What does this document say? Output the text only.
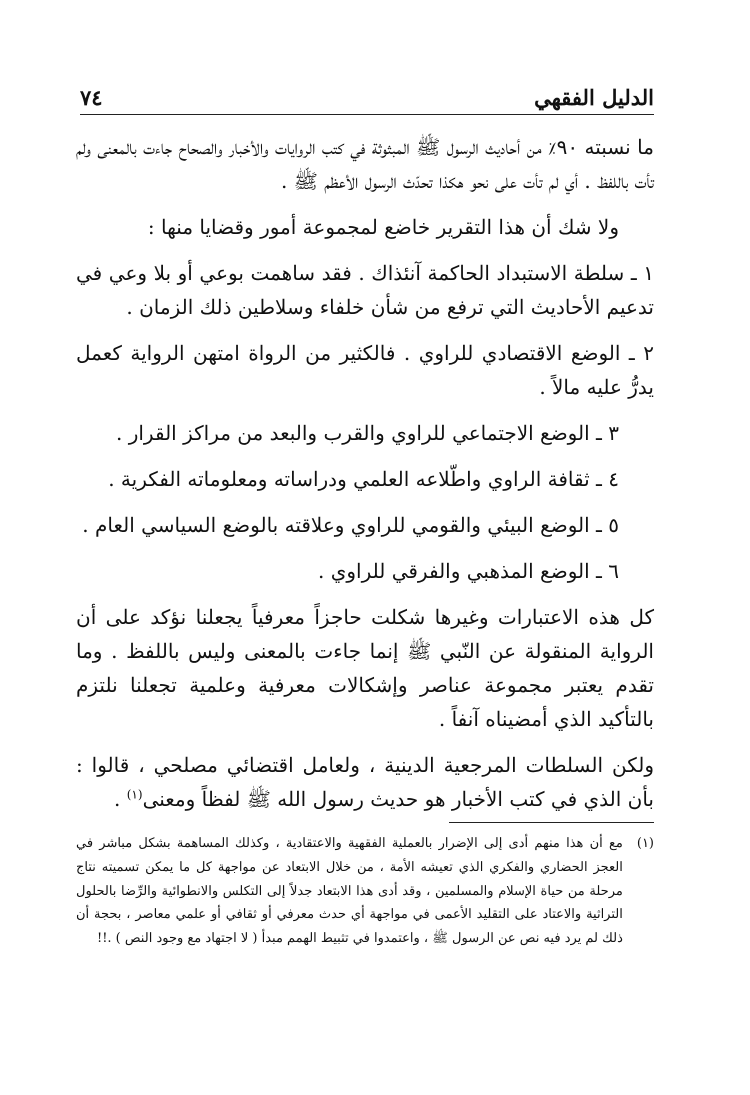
الدليل الفقهي
٧٤

ما نسبته ٩٠٪ من أحاديث الرسول ﷺ المبثوثة في كتب الروايات والأخبار والصحاح جاءت بالمعنى ولم تأت باللفظ . أي لم تأت على نحو هكذا تحدّث الرسول الأعظم ﷺ .

ولا شك أن هذا التقرير خاضع لمجموعة أمور وقضايا منها :

١ ـ سلطة الاستبداد الحاكمة آنئذاك . فقد ساهمت بوعي أو بلا وعي في تدعيم الأحاديث التي ترفع من شأن خلفاء وسلاطين ذلك الزمان .

٢ ـ الوضع الاقتصادي للراوي . فالكثير من الرواة امتهن الرواية كعمل يدرُّ عليه مالاً .

٣ ـ الوضع الاجتماعي للراوي والقرب والبعد من مراكز القرار .

٤ ـ ثقافة الراوي واطّلاعه العلمي ودراساته ومعلوماته الفكرية .

٥ ـ الوضع البيئي والقومي للراوي وعلاقته بالوضع السياسي العام .

٦ ـ الوضع المذهبي والفرقي للراوي .

كل هذه الاعتبارات وغيرها شكلت حاجزاً معرفياً يجعلنا نؤكد على أن الرواية المنقولة عن النّبي ﷺ إنما جاءت بالمعنى وليس باللفظ . وما تقدم يعتبر مجموعة عناصر وإشكالات معرفية وعلمية تجعلنا نلتزم بالتأكيد الذي أمضيناه آنفاً .

ولكن السلطات المرجعية الدينية ، ولعامل اقتضائي مصلحي ، قالوا : بأن الذي في كتب الأخبار هو حديث رسول الله ﷺ لفظاً ومعنى$^{(١)}$ .

(١)
مع أن هذا منهم أدى إلى الإضرار بالعملية الفقهية والاعتقادية ، وكذلك المساهمة بشكل مباشر في العجز الحضاري والفكري الذي تعيشه الأمة ، من خلال الابتعاد عن مواجهة كل ما يمكن تسميته نتاج مرحلة من حياة الإسلام والمسلمين ، وقد أدى هذا الابتعاد جدلاً إلى التكلس والانطوائية والرِّضا بالحلول التراثية والاعتاد على التقليد الأعمى في مواجهة أي حدث معرفي أو ثقافي أو علمي معاصر ، بحجة أن ذلك لم يرد فيه نص عن الرسول ﷺ ، واعتمدوا في تثبيط الهمم مبدأ ( لا اجتهاد مع وجود النص ) .!!
